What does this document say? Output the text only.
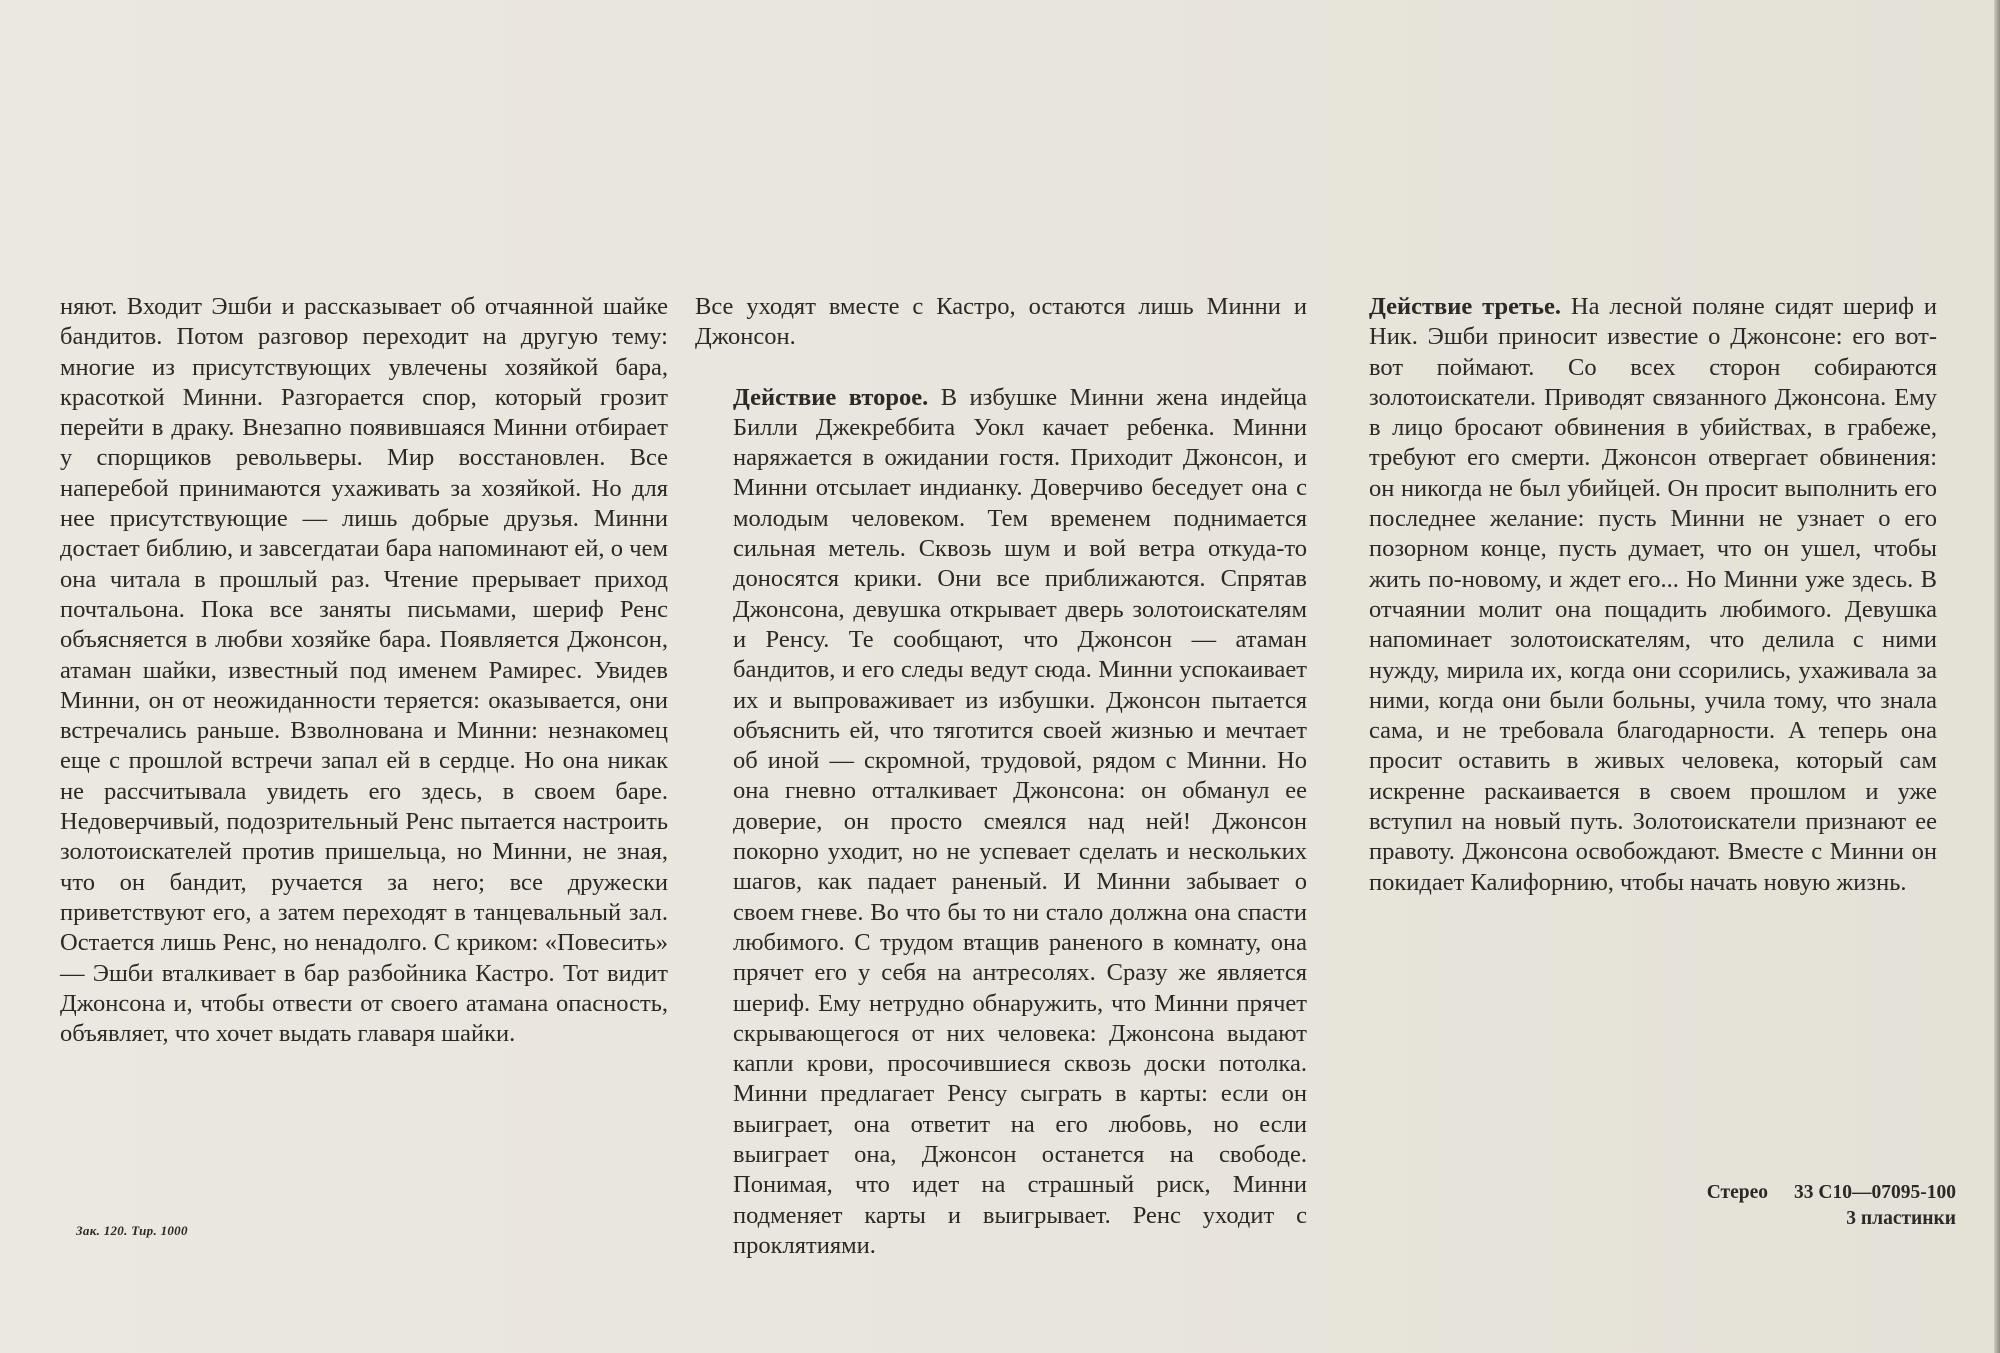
няют. Входит Эшби и рассказывает об отчаянной шайке бандитов. Потом разговор переходит на другую тему: многие из присутствующих увлечены хозяйкой бара, красоткой Минни. Разгорается спор, который грозит перейти в драку. Внезапно появившаяся Минни отбирает у спорщиков револьверы. Мир восстановлен. Все наперебой принимаются ухаживать за хозяйкой. Но для нее присутствующие — лишь добрые друзья. Минни достает библию, и завсегдатаи бара напоминают ей, о чем она читала в прошлый раз. Чтение прерывает приход почтальона. Пока все заняты письмами, шериф Ренс объясняется в любви хозяйке бара. Появляется Джонсон, атаман шайки, известный под именем Рамирес. Увидев Минни, он от неожиданности теряется: оказывается, они встречались раньше. Взволнована и Минни: незнакомец еще с прошлой встречи запал ей в сердце. Но она никак не рассчитывала увидеть его здесь, в своем баре. Недоверчивый, подозрительный Ренс пытается настроить золотоискателей против пришельца, но Минни, не зная, что он бандит, ручается за него; все дружески приветствуют его, а затем переходят в танцевальный зал. Остается лишь Ренс, но ненадолго. С криком: «Повесить» — Эшби вталкивает в бар разбойника Кастро. Тот видит Джонсона и, чтобы отвести от своего атамана опасность, объявляет, что хочет выдать главаря шайки.

Все уходят вместе с Кастро, остаются лишь Минни и Джонсон.

Действие второе. В избушке Минни жена индейца Билли Джекреббита Уокл качает ребенка. Минни наряжается в ожидании гостя. Приходит Джонсон, и Минни отсылает индианку. Доверчиво беседует она с молодым человеком. Тем временем поднимается сильная метель. Сквозь шум и вой ветра откуда-то доносятся крики. Они все приближаются. Спрятав Джонсона, девушка открывает дверь золотоискателям и Ренсу. Те сообщают, что Джонсон — атаман бандитов, и его следы ведут сюда. Минни успокаивает их и выпроваживает из избушки. Джонсон пытается объяснить ей, что тяготится своей жизнью и мечтает об иной — скромной, трудовой, рядом с Минни. Но она гневно отталкивает Джонсона: он обманул ее доверие, он просто смеялся над ней! Джонсон покорно уходит, но не успевает сделать и нескольких шагов, как падает раненый. И Минни забывает о своем гневе. Во что бы то ни стало должна она спасти любимого. С трудом втащив раненого в комнату, она прячет его у себя на антресолях. Сразу же является шериф. Ему нетрудно обнаружить, что Минни прячет скрывающегося от них человека: Джонсона выдают капли крови, просочившиеся сквозь доски потолка. Минни предлагает Ренсу сыграть в карты: если он выиграет, она ответит на его любовь, но если выиграет она, Джонсон останется на свободе. Понимая, что идет на страшный риск, Минни подменяет карты и выигрывает. Ренс уходит с проклятиями.

Действие третье. На лесной поляне сидят шериф и Ник. Эшби приносит известие о Джонсоне: его вот-вот поймают. Со всех сторон собираются золотоискатели. Приводят связанного Джонсона. Ему в лицо бросают обвинения в убийствах, в грабеже, требуют его смерти. Джонсон отвергает обвинения: он никогда не был убийцей. Он просит выполнить его последнее желание: пусть Минни не узнает о его позорном конце, пусть думает, что он ушел, чтобы жить по-новому, и ждет его... Но Минни уже здесь. В отчаянии молит она пощадить любимого. Девушка напоминает золотоискателям, что делила с ними нужду, мирила их, когда они ссорились, ухаживала за ними, когда они были больны, учила тому, что знала сама, и не требовала благодарности. А теперь она просит оставить в живых человека, который сам искренне раскаивается в своем прошлом и уже вступил на новый путь. Золотоискатели признают ее правоту. Джонсона освобождают. Вместе с Минни он покидает Калифорнию, чтобы начать новую жизнь.

Зак. 120. Тир. 1000
Стерео 33 С10—07095-100
3 пластинки
